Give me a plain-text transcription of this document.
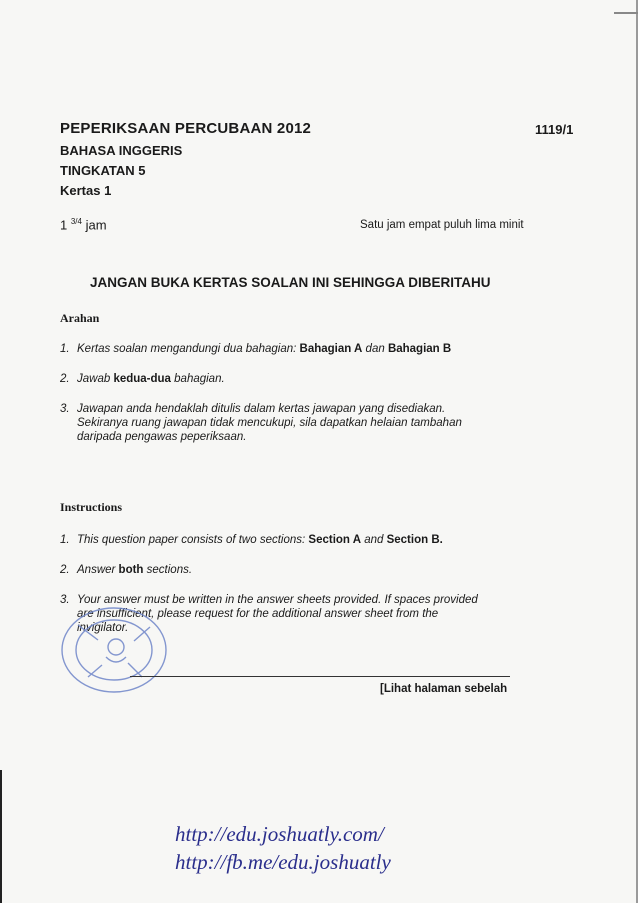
PEPERIKSAAN PERCUBAAN 2012	1119/1
BAHASA INGGERIS
TINGKATAN 5
Kertas 1
1 $^{3/4}$ jam	Satu jam empat puluh lima minit
JANGAN BUKA KERTAS SOALAN INI SEHINGGA DIBERITAHU
Arahan
1. Kertas soalan mengandungi dua bahagian: Bahagian A dan Bahagian B
2. Jawab kedua-dua bahagian.
3. Jawapan anda hendaklah ditulis dalam kertas jawapan yang disediakan.
Sekiranya ruang jawapan tidak mencukupi, sila dapatkan helaian tambahan
daripada pengawas peperiksaan.
Instructions
1. This question paper consists of two sections: Section A and Section B.
2. Answer both sections.
3. Your answer must be written in the answer sheets provided. If spaces provided
are insufficient, please request for the additional answer sheet from the
invigilator.
[Lihat halaman sebelah
http://edu.joshuatly.com/
http://fb.me/edu.joshuatly
